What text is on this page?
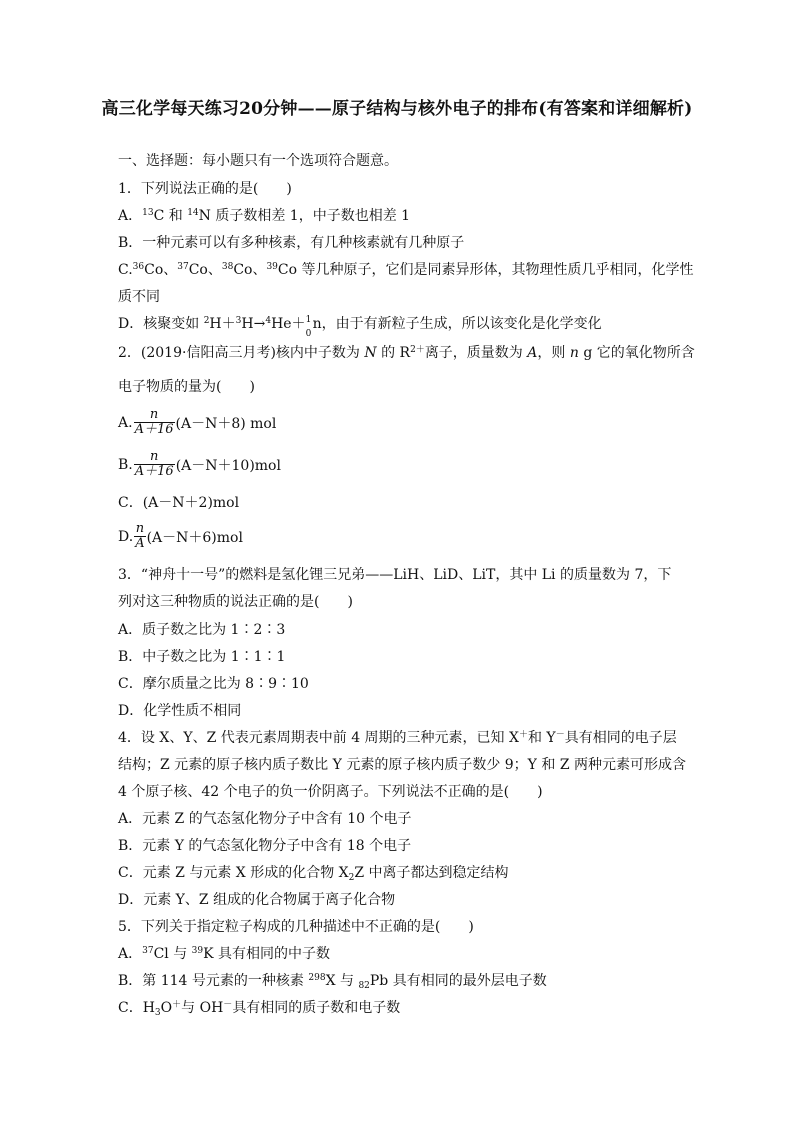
高三化学每天练习20分钟——原子结构与核外电子的排布(有答案和详细解析)
一、选择题：每小题只有一个选项符合题意。
1．下列说法正确的是(　　)
A．$^{13}$C 和 $^{14}$N 质子数相差 1，中子数也相差 1
B．一种元素可以有多种核素，有几种核素就有几种原子
C.$^{36}$Co、$^{37}$Co、$^{38}$Co、$^{39}$Co 等几种原子，它们是同素异形体，其物理性质几乎相同，化学性
质不同
D．核聚变如 $^2$H＋$^3$H→$^4$He＋ 1
0
n，由于有新粒子生成，所以该变化是化学变化
2．(2019·信阳高三月考)核内中子数为 N 的 $R^{2+}$离子，质量数为 A，则 n g 它的氧化物所含
电子物质的量为(　　)
A. $\frac{n}{A+16} (A-N+8)$ mol
B. $\frac{n}{A+16} (A-N+10)mol$
C．(A－N＋2)mol
D. $\frac{n}{A} (A-N+6)mol$
3．“神舟十一号”的燃料是氢化锂三兄弟——LiH、LiD、LiT，其中 Li 的质量数为 7，下
列对这三种物质的说法正确的是(　　)
A．质子数之比为 1∶2∶3
B．中子数之比为 1∶1∶1
C．摩尔质量之比为 8∶9∶10
D．化学性质不相同
4．设 X、Y、Z 代表元素周期表中前 4 周期的三种元素，已知 X＋和 Y－具有相同的电子层
结构；Z 元素的原子核内质子数比 Y 元素的原子核内质子数少 9；Y 和 Z 两种元素可形成含
4 个原子核、42 个电子的负一价阴离子。下列说法不正确的是(　　)
A．元素 Z 的气态氢化物分子中含有 10 个电子
B．元素 Y 的气态氢化物分子中含有 18 个电子
C．元素 Z 与元素 X 形成的化合物 $X_2Z$ 中离子都达到稳定结构
D．元素 Y、Z 组成的化合物属于离子化合物
5．下列关于指定粒子构成的几种描述中不正确的是(　　)
A．$^{37}$Cl 与 $^{39}$K 具有相同的中子数
B．第 114 号元素的一种核素 $^{298}$X 与 $_{82}$Pb 具有相同的最外层电子数
C．$H_3O^+$与 OH－具有相同的质子数和电子数
